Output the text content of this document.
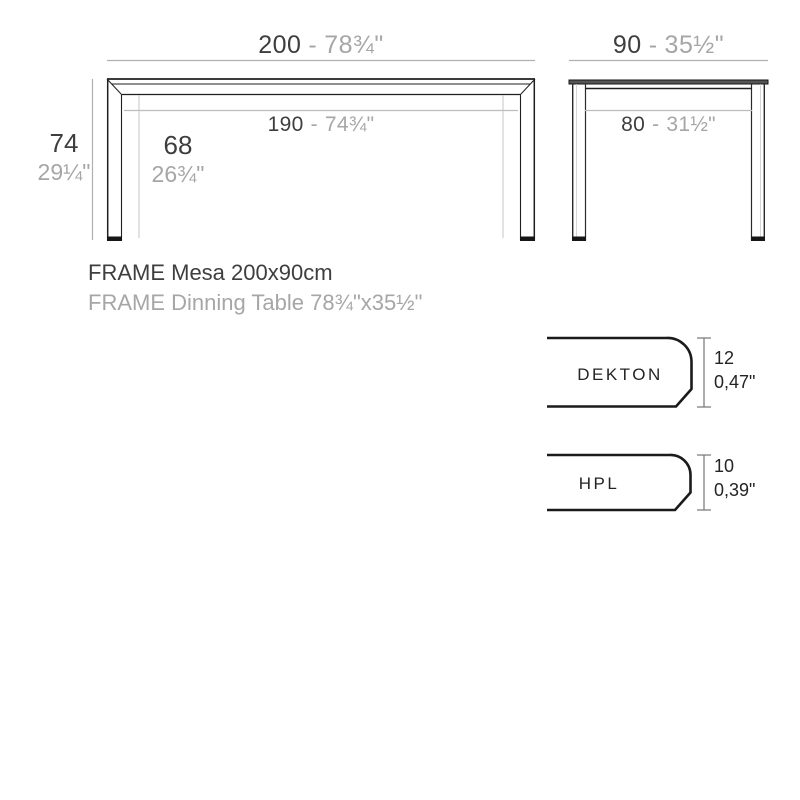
200 - 78¾"	90 - 35½"
190 - 74¾"	80 - 31½"
74
29¼"
68
26¾"
FRAME Mesa 200x90cm
FRAME Dinning Table 78¾"x35½"
DEKTON
12
0,47"
HPL
10
0,39"
